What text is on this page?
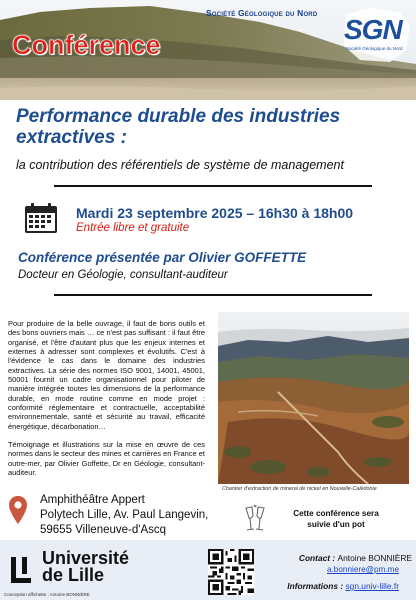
Société Géologique du Nord
SGN
Société Géologique du Nord
Conférence
Performance durable des industries extractives :
la contribution des référentiels de système de management
Mardi 23 septembre 2025 – 16h30 à 18h00
Entrée libre et gratuite
Conférence présentée par Olivier GOFFETTE
Docteur en Géologie, consultant-auditeur

Pour produire de la belle ouvrage, il faut de bons outils et des bons ouvriers mais … ce n'est pas suffisant : il faut être organisé, et l'être d'autant plus que les enjeux internes et externes à adresser sont complexes et évolutifs. C'est à l'évidence le cas dans le domaine des industries extractives. La série des normes ISO 9001, 14001, 45001, 50001 fournit un cadre organisationnel pour piloter de manière intégrée toutes les dimensions de la performance durable, en mode routine comme en mode projet : conformité réglementaire et contractuelle, acceptabilité environnementale, santé et sécurité au travail, efficacité énergétique, décarbonation…

Témoignage et illustrations sur la mise en œuvre de ces normes dans le secteur des mines et carrières en France et outre-mer, par Olivier Goffette, Dr en Géologie, consultant-auditeur.

Chantier d'extraction de minerai de nickel en Nouvelle-Calédonie
Amphithéâtre Appert
Polytech Lille, Av. Paul Langevin,
59655 Villeneuve-d'Ascq
Cette conférence sera
suivie d'un pot
Université
de Lille
Conception affichette : Antoine BONNIÈRE
Contact : Antoine BONNIÈRE
a.bonniere@pm.me
Informations : sgn.univ-lille.fr
